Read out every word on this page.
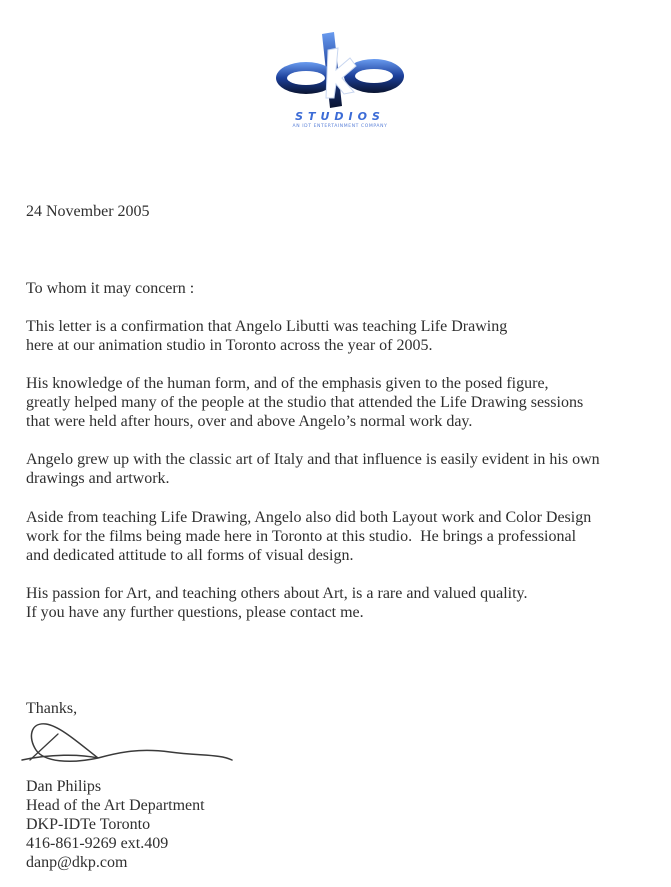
STUDIOS
AN IDT ENTERTAINMENT COMPANY
24 November 2005
To whom it may concern :
This letter is a confirmation that Angelo Libutti was teaching Life Drawing
here at our animation studio in Toronto across the year of 2005.
His knowledge of the human form, and of the emphasis given to the posed figure,
greatly helped many of the people at the studio that attended the Life Drawing sessions
that were held after hours, over and above Angelo’s normal work day.
Angelo grew up with the classic art of Italy and that influence is easily evident in his own
drawings and artwork.
Aside from teaching Life Drawing, Angelo also did both Layout work and Color Design
work for the films being made here in Toronto at this studio.  He brings a professional
and dedicated attitude to all forms of visual design.
His passion for Art, and teaching others about Art, is a rare and valued quality.
If you have any further questions, please contact me.
Thanks,
Dan Philips
Head of the Art Department
DKP-IDTe Toronto
416-861-9269 ext.409
danp@dkp.com
